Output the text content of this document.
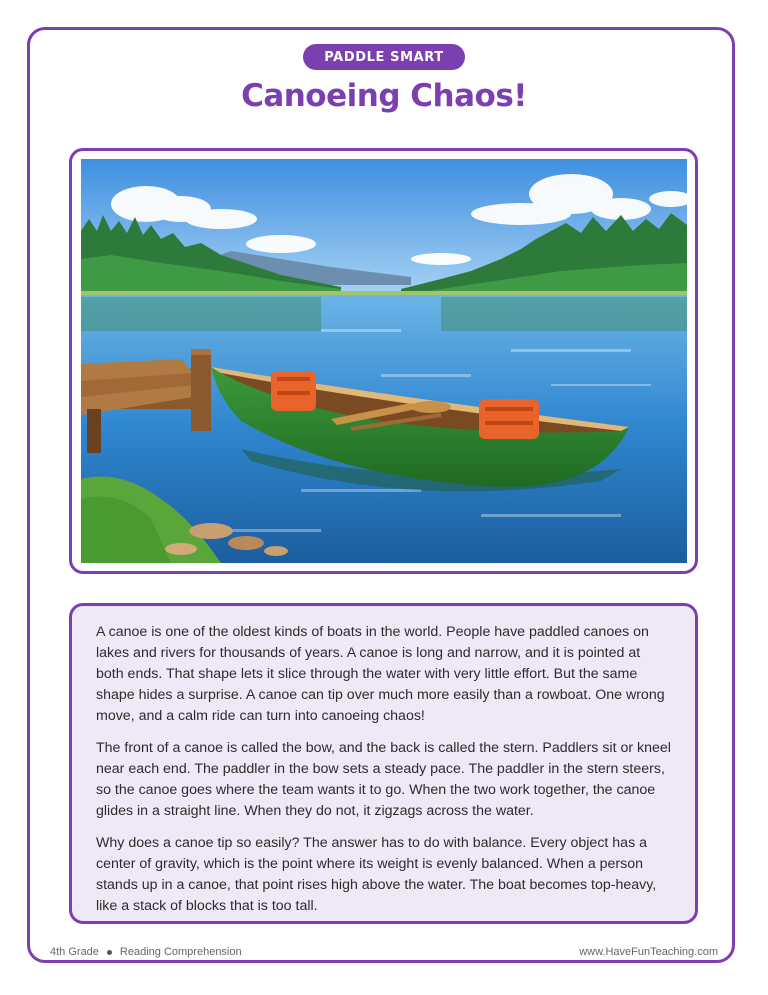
PADDLE SMART
Canoeing Chaos!

A canoe is one of the oldest kinds of boats in the world. People have paddled canoes on lakes and rivers for thousands of years. A canoe is long and narrow, and it is pointed at both ends. That shape lets it slice through the water with very little effort. But the same shape hides a surprise. A canoe can tip over much more easily than a rowboat. One wrong move, and a calm ride can turn into canoeing chaos!

The front of a canoe is called the bow, and the back is called the stern. Paddlers sit or kneel near each end. The paddler in the bow sets a steady pace. The paddler in the stern steers, so the canoe goes where the team wants it to go. When the two work together, the canoe glides in a straight line. When they do not, it zigzags across the water.

Why does a canoe tip so easily? The answer has to do with balance. Every object has a center of gravity, which is the point where its weight is evenly balanced. When a person stands up in a canoe, that point rises high above the water. The boat becomes top-heavy, like a stack of blocks that is too tall.

4th Grade Reading Comprehension	www.HaveFunTeaching.com
